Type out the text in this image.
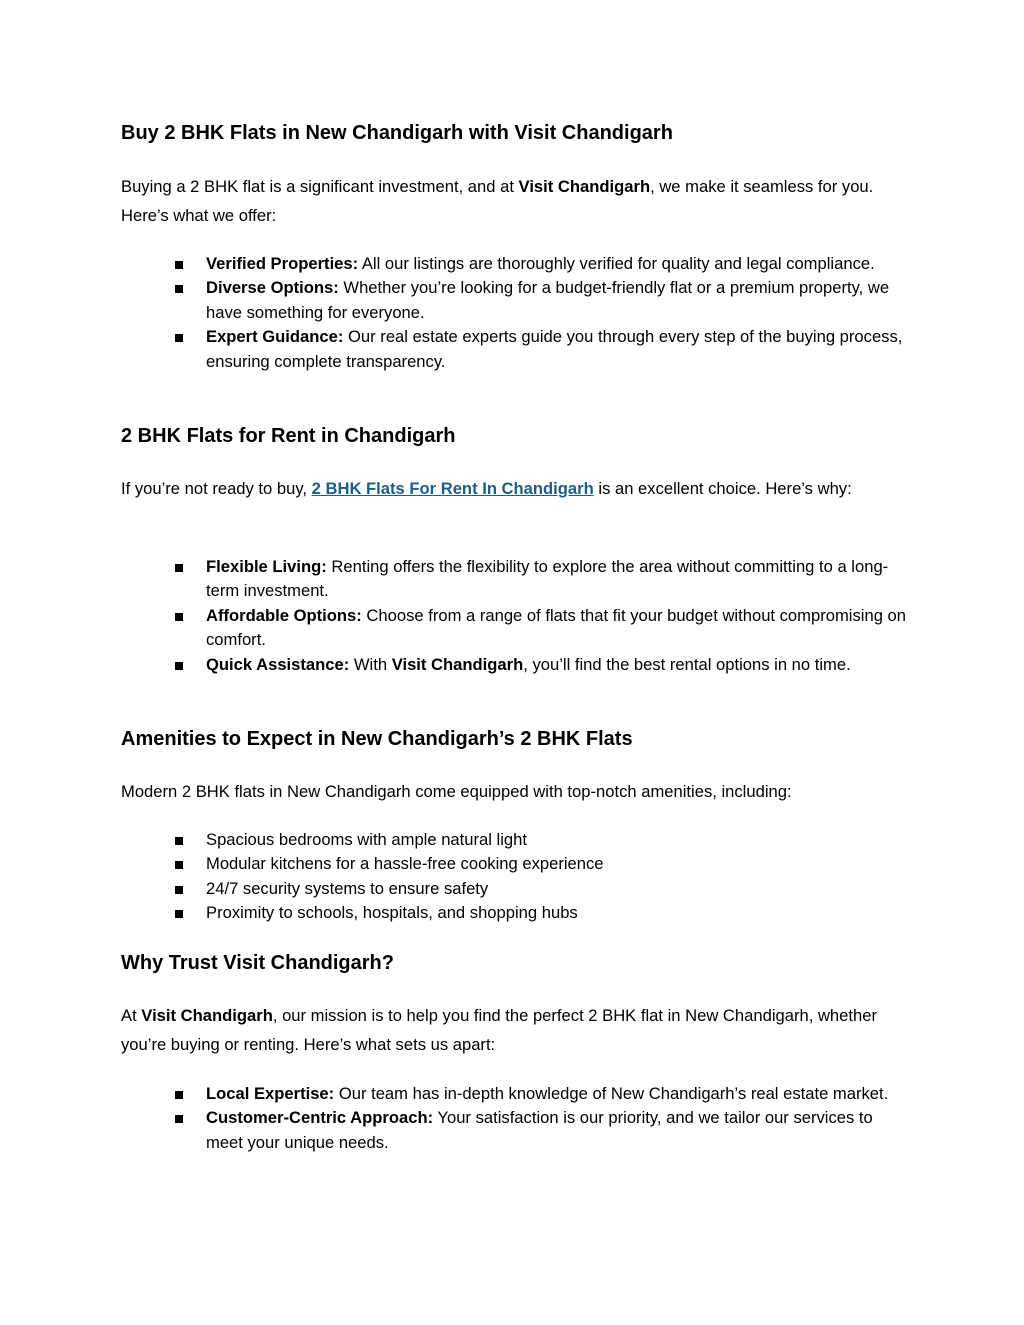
Buy 2 BHK Flats in New Chandigarh with Visit Chandigarh

Buying a 2 BHK flat is a significant investment, and at Visit Chandigarh, we make it seamless for you. Here’s what we offer:

Verified Properties: All our listings are thoroughly verified for quality and legal compliance.
Diverse Options: Whether you’re looking for a budget-friendly flat or a premium property, we have something for everyone.
Expert Guidance: Our real estate experts guide you through every step of the buying process, ensuring complete transparency.
2 BHK Flats for Rent in Chandigarh

If you’re not ready to buy, 2 BHK Flats For Rent In Chandigarh is an excellent choice. Here’s why:

Flexible Living: Renting offers the flexibility to explore the area without committing to a long-term investment.
Affordable Options: Choose from a range of flats that fit your budget without compromising on comfort.
Quick Assistance: With Visit Chandigarh, you’ll find the best rental options in no time.
Amenities to Expect in New Chandigarh’s 2 BHK Flats

Modern 2 BHK flats in New Chandigarh come equipped with top-notch amenities, including:

Spacious bedrooms with ample natural light
Modular kitchens for a hassle-free cooking experience
24/7 security systems to ensure safety
Proximity to schools, hospitals, and shopping hubs
Why Trust Visit Chandigarh?

At Visit Chandigarh, our mission is to help you find the perfect 2 BHK flat in New Chandigarh, whether you’re buying or renting. Here’s what sets us apart:

Local Expertise: Our team has in-depth knowledge of New Chandigarh’s real estate market.
Customer-Centric Approach: Your satisfaction is our priority, and we tailor our services to meet your unique needs.
